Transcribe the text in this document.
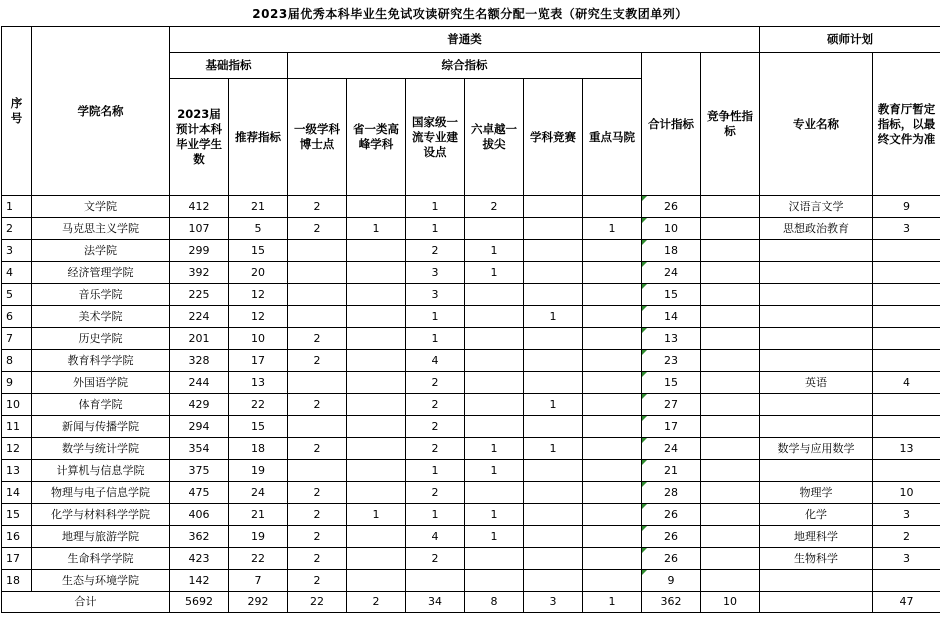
2023届优秀本科毕业生免试攻读研究生名额分配一览表（研究生支教团单列）
序号	学院名称	普通类										硕师计划	
		基础指标		综合指标						合计指标	竞争性指标	专业名称	教育厅暂定指标，以最终文件为准
		2023届预计本科毕业学生数	推荐指标	一级学科博士点	省一类高峰学科	国家级一流专业建设点	六卓越一拔尖	学科竞赛	重点马院				
1	文学院	412	21	2		1	2			26		汉语言文学	9
2	马克思主义学院	107	5	2	1	1			1	10		思想政治教育	3
3	法学院	299	15			2	1			18			
4	经济管理学院	392	20			3	1			24			
5	音乐学院	225	12			3				15			
6	美术学院	224	12			1		1		14			
7	历史学院	201	10	2		1				13			
8	教育科学学院	328	17	2		4				23			
9	外国语学院	244	13			2				15		英语	4
10	体育学院	429	22	2		2		1		27			
11	新闻与传播学院	294	15			2				17			
12	数学与统计学院	354	18	2		2	1	1		24		数学与应用数学	13
13	计算机与信息学院	375	19			1	1			21			
14	物理与电子信息学院	475	24	2		2				28		物理学	10
15	化学与材料科学学院	406	21	2	1	1	1			26		化学	3
16	地理与旅游学院	362	19	2		4	1			26		地理科学	2
17	生命科学学院	423	22	2		2				26		生物科学	3
18	生态与环境学院	142	7	2						9			
合计		5692	292	22	2	34	8	3	1	362	10		47
